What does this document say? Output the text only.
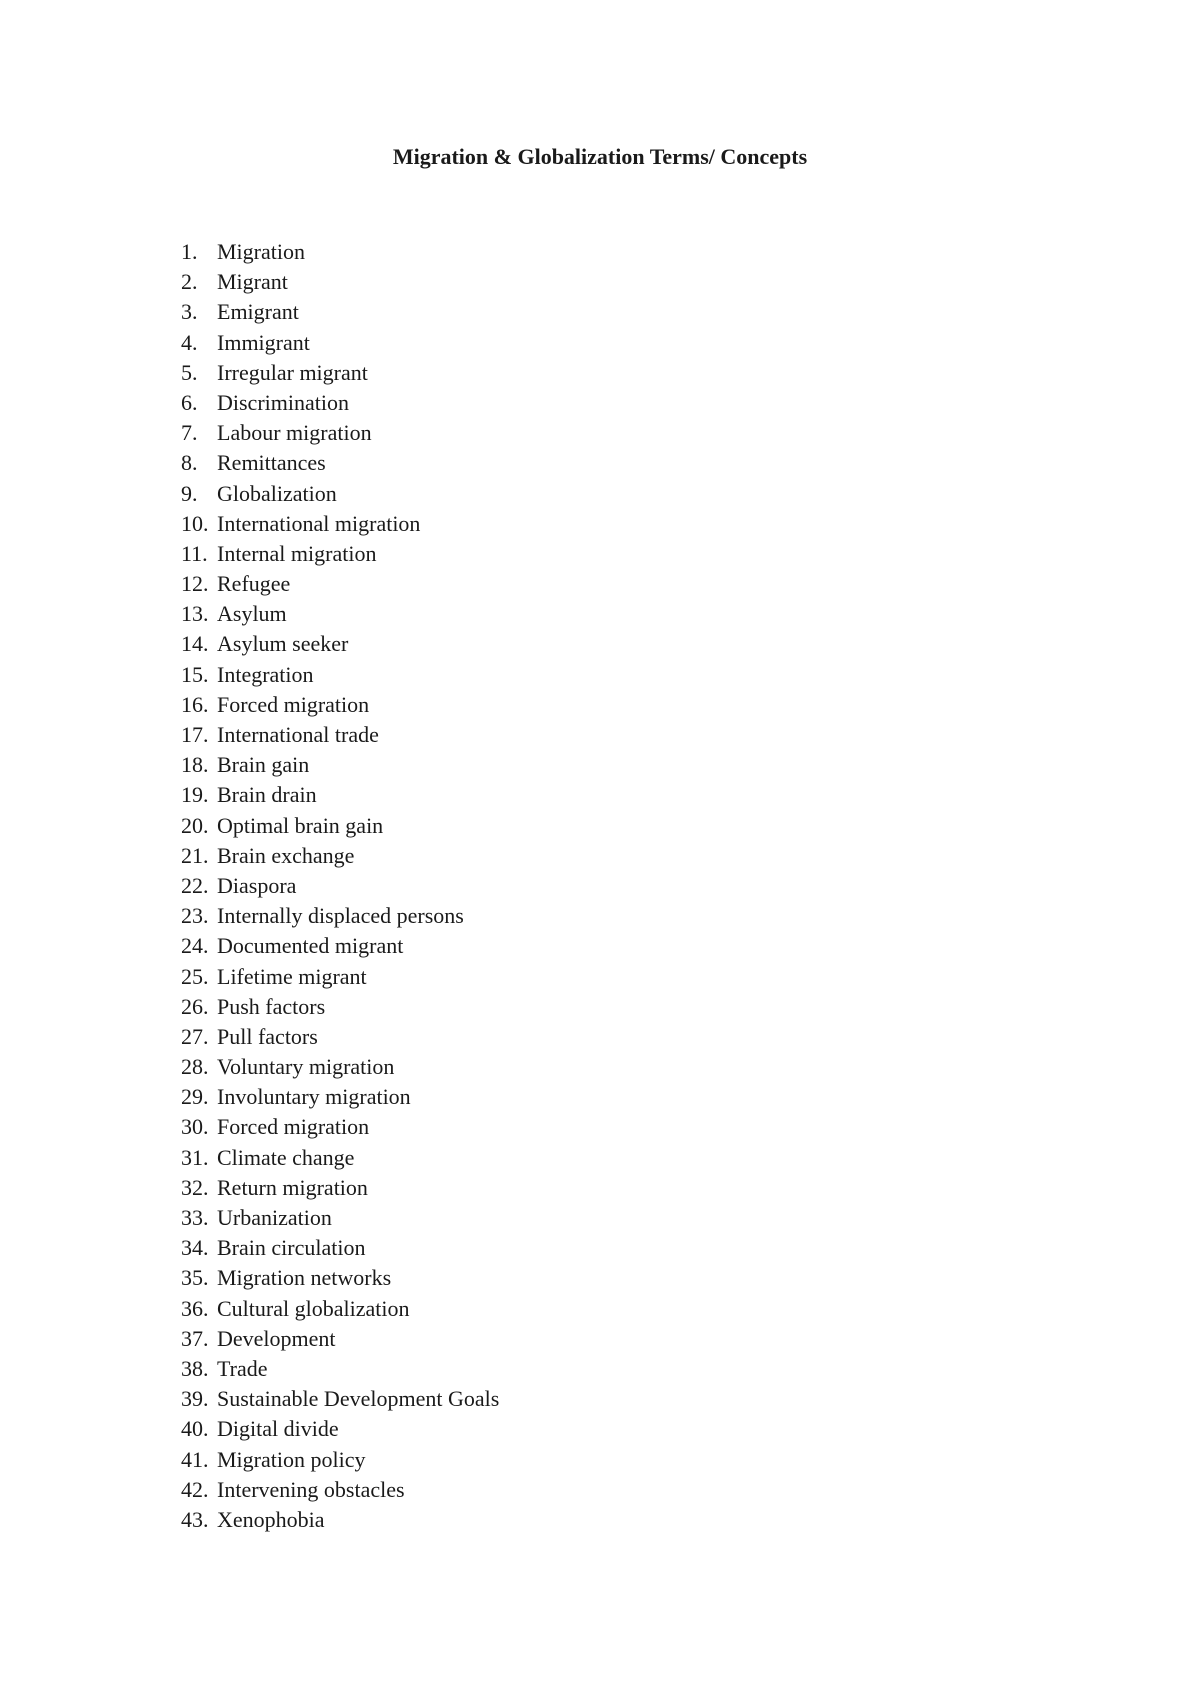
Migration & Globalization Terms/ Concepts
1. Migration
2. Migrant
3. Emigrant
4. Immigrant
5. Irregular migrant
6. Discrimination
7. Labour migration
8. Remittances
9. Globalization
10. International migration
11. Internal migration
12. Refugee
13. Asylum
14. Asylum seeker
15. Integration
16. Forced migration
17. International trade
18. Brain gain
19. Brain drain
20. Optimal brain gain
21. Brain exchange
22. Diaspora
23. Internally displaced persons
24. Documented migrant
25. Lifetime migrant
26. Push factors
27. Pull factors
28. Voluntary migration
29. Involuntary migration
30. Forced migration
31. Climate change
32. Return migration
33. Urbanization
34. Brain circulation
35. Migration networks
36. Cultural globalization
37. Development
38. Trade
39. Sustainable Development Goals
40. Digital divide
41. Migration policy
42. Intervening obstacles
43. Xenophobia
